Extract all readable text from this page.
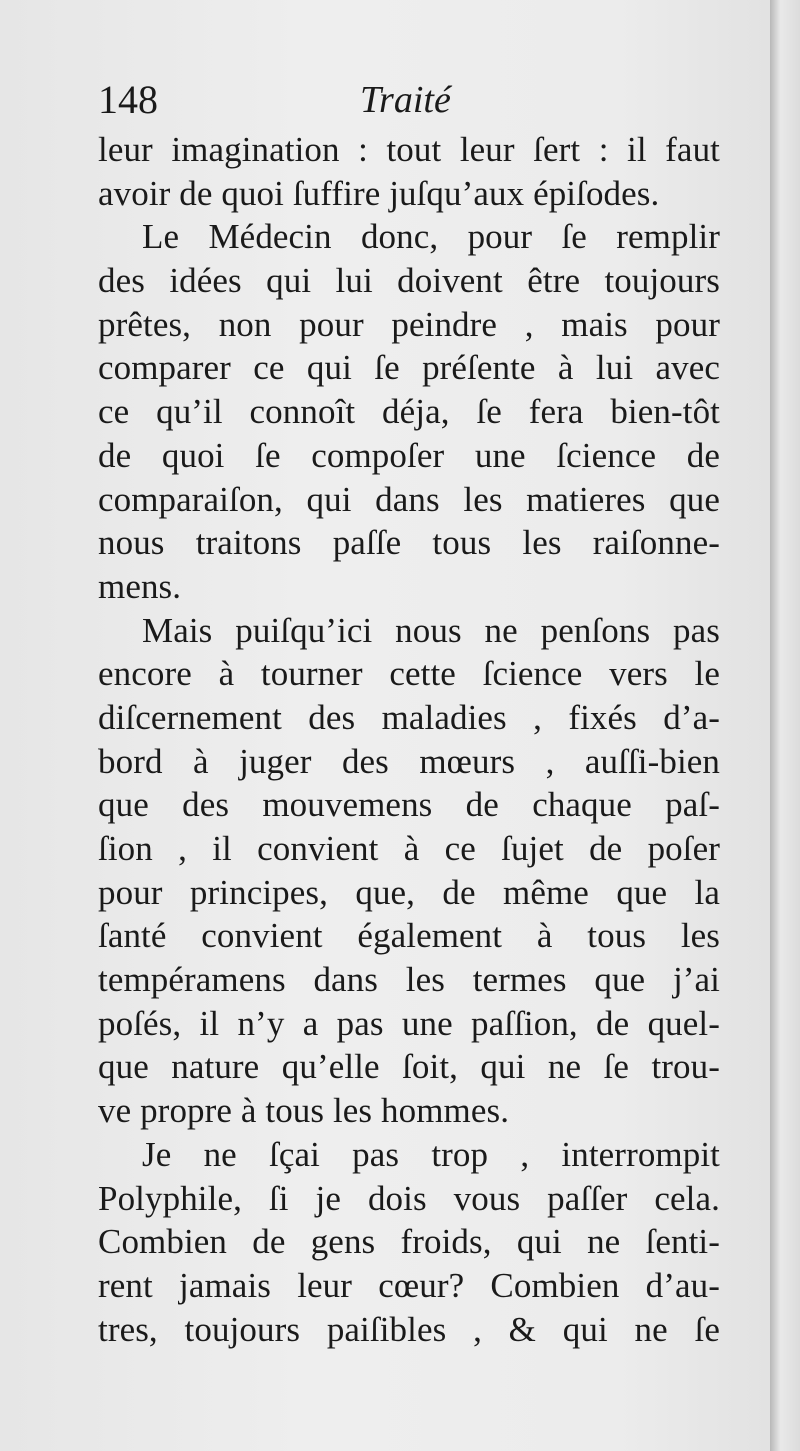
148	Traité
leur imagination : tout leur ſert : il faut
avoir de quoi ſuffire juſqu’aux épiſodes.
Le Médecin donc, pour ſe remplir
des idées qui lui doivent être toujours
prêtes, non pour peindre , mais pour
comparer ce qui ſe préſente à lui avec
ce qu’il connoît déja, ſe fera bien-tôt
de quoi ſe compoſer une ſcience de
comparaiſon, qui dans les matieres que
nous traitons paſſe tous les raiſonne-
mens.
Mais puiſqu’ici nous ne penſons pas
encore à tourner cette ſcience vers le
diſcernement des maladies , fixés d’a-
bord à juger des mœurs , auſſi-bien
que des mouvemens de chaque paſ-
ſion , il convient à ce ſujet de poſer
pour principes, que, de même que la
ſanté convient également à tous les
tempéramens dans les termes que j’ai
poſés, il n’y a pas une paſſion, de quel-
que nature qu’elle ſoit, qui ne ſe trou-
ve propre à tous les hommes.
Je ne ſçai pas trop , interrompit
Polyphile, ſi je dois vous paſſer cela.
Combien de gens froids, qui ne ſenti-
rent jamais leur cœur? Combien d’au-
tres, toujours paiſibles , & qui ne ſe
